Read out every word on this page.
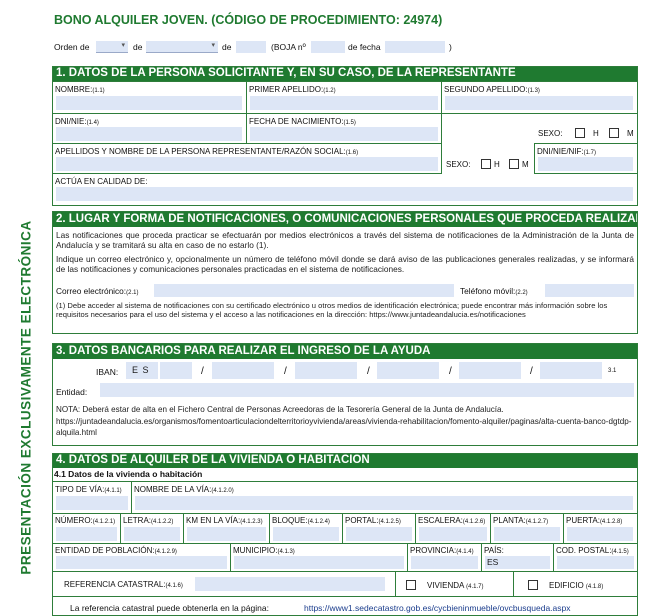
PRESENTACIÓN EXCLUSIVAMENTE ELECTRÓNICA
BONO ALQUILER JOVEN. (CÓDIGO DE PROCEDIMIENTO: 24974)
Orden de	▾ de	▾ de	(BOJA nº	de fecha	)
1. DATOS DE LA PERSONA SOLICITANTE Y, EN SU CASO, DE LA REPRESENTANTE
NOMBRE:(1.1)	PRIMER APELLIDO:(1.2)	SEGUNDO APELLIDO:(1.3)
DNI/NIE:(1.4)	FECHA DE NACIMIENTO:(1.5)
SEXO:	H	M
APELLIDOS Y NOMBRE DE LA PERSONA REPRESENTANTE/RAZÓN SOCIAL:(1.6)
SEXO:	H	M
DNI/NIE/NIF:(1.7)
ACTÚA EN CALIDAD DE:
2. LUGAR Y FORMA DE NOTIFICACIONES, O COMUNICACIONES PERSONALES QUE PROCEDA REALIZAR
Las notificaciones que proceda practicar se efectuarán por medios electrónicos a través del sistema de notificaciones de la Administración de la Junta de Andalucía y se tramitará su alta en caso de no estarlo (1).
Indique un correo electrónico y, opcionalmente un número de teléfono móvil donde se dará aviso de las publicaciones generales realizadas, y se informará de las notificaciones y comunicaciones personales practicadas en el sistema de notificaciones.
Correo electrónico:(2.1)	Teléfono móvil:(2.2)
(1) Debe acceder al sistema de notificaciones con su certificado electrónico u otros medios de identificación electrónica; puede encontrar más información sobre los requisitos necesarios para el uso del sistema y el acceso a las notificaciones en la dirección: https://www.juntadeandalucia.es/notificaciones
3. DATOS BANCARIOS PARA REALIZAR EL INGRESO DE LA AYUDA
IBAN:	E S	/	/	/	/	/	3.1
Entidad:
NOTA: Deberá estar de alta en el Fichero Central de Personas Acreedoras de la Tesorería General de la Junta de Andalucía. https://juntadeandalucia.es/organismos/fomentoarticulaciondelterritorioyvivienda/areas/vivienda-rehabilitacion/fomento-alquiler/paginas/alta-cuenta-banco-dgtdp-alquila.html
4. DATOS DE ALQUILER DE LA VIVIENDA O HABITACIÓN
4.1 Datos de la vivienda o habitación
TIPO DE VÍA:(4.1.1) NOMBRE DE LA VÍA:(4.1.2.0)
NÚMERO:(4.1.2.1) LETRA:(4.1.2.2) KM EN LA VÍA:(4.1.2.3) BLOQUE:(4.1.2.4) PORTAL:(4.1.2.5) ESCALERA:(4.1.2.6) PLANTA:(4.1.2.7) PUERTA:(4.1.2.8)
ENTIDAD DE POBLACIÓN:(4.1.2.9)	MUNICIPIO:(4.1.3)	PROVINCIA:(4.1.4) PAÍS:
ES
COD. POSTAL:(4.1.5)
REFERENCIA CATASTRAL:(4.1.6)	VIVIENDA (4.1.7)	EDIFICIO (4.1.8)
La referencia catastral puede obtenerla en la página:	https://www1.sedecatastro.gob.es/cycbieninmueble/ovcbusqueda.aspx
